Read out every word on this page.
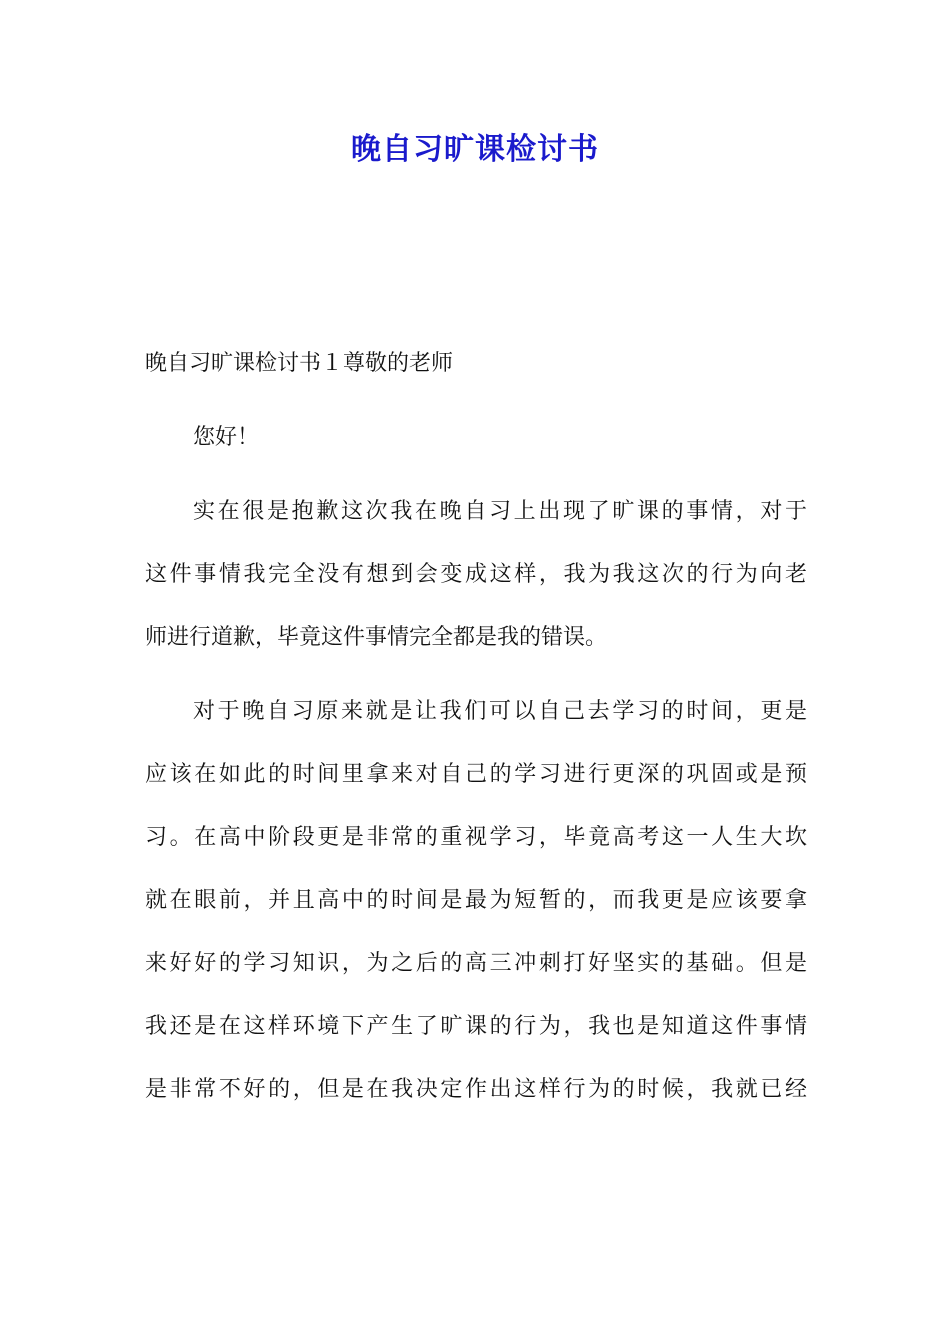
晚自习旷课检讨书
晚自习旷课检讨书１尊敬的老师
您好！
实在很是抱歉这次我在晚自习上出现了旷课的事情，对于
这件事情我完全没有想到会变成这样，我为我这次的行为向老
师进行道歉，毕竟这件事情完全都是我的错误。
对于晚自习原来就是让我们可以自己去学习的时间，更是
应该在如此的时间里拿来对自己的学习进行更深的巩固或是预
习。在高中阶段更是非常的重视学习，毕竟高考这一人生大坎
就在眼前，并且高中的时间是最为短暂的，而我更是应该要拿
来好好的学习知识，为之后的高三冲刺打好坚实的基础。但是
我还是在这样环境下产生了旷课的行为，我也是知道这件事情
是非常不好的，但是在我决定作出这样行为的时候，我就已经
